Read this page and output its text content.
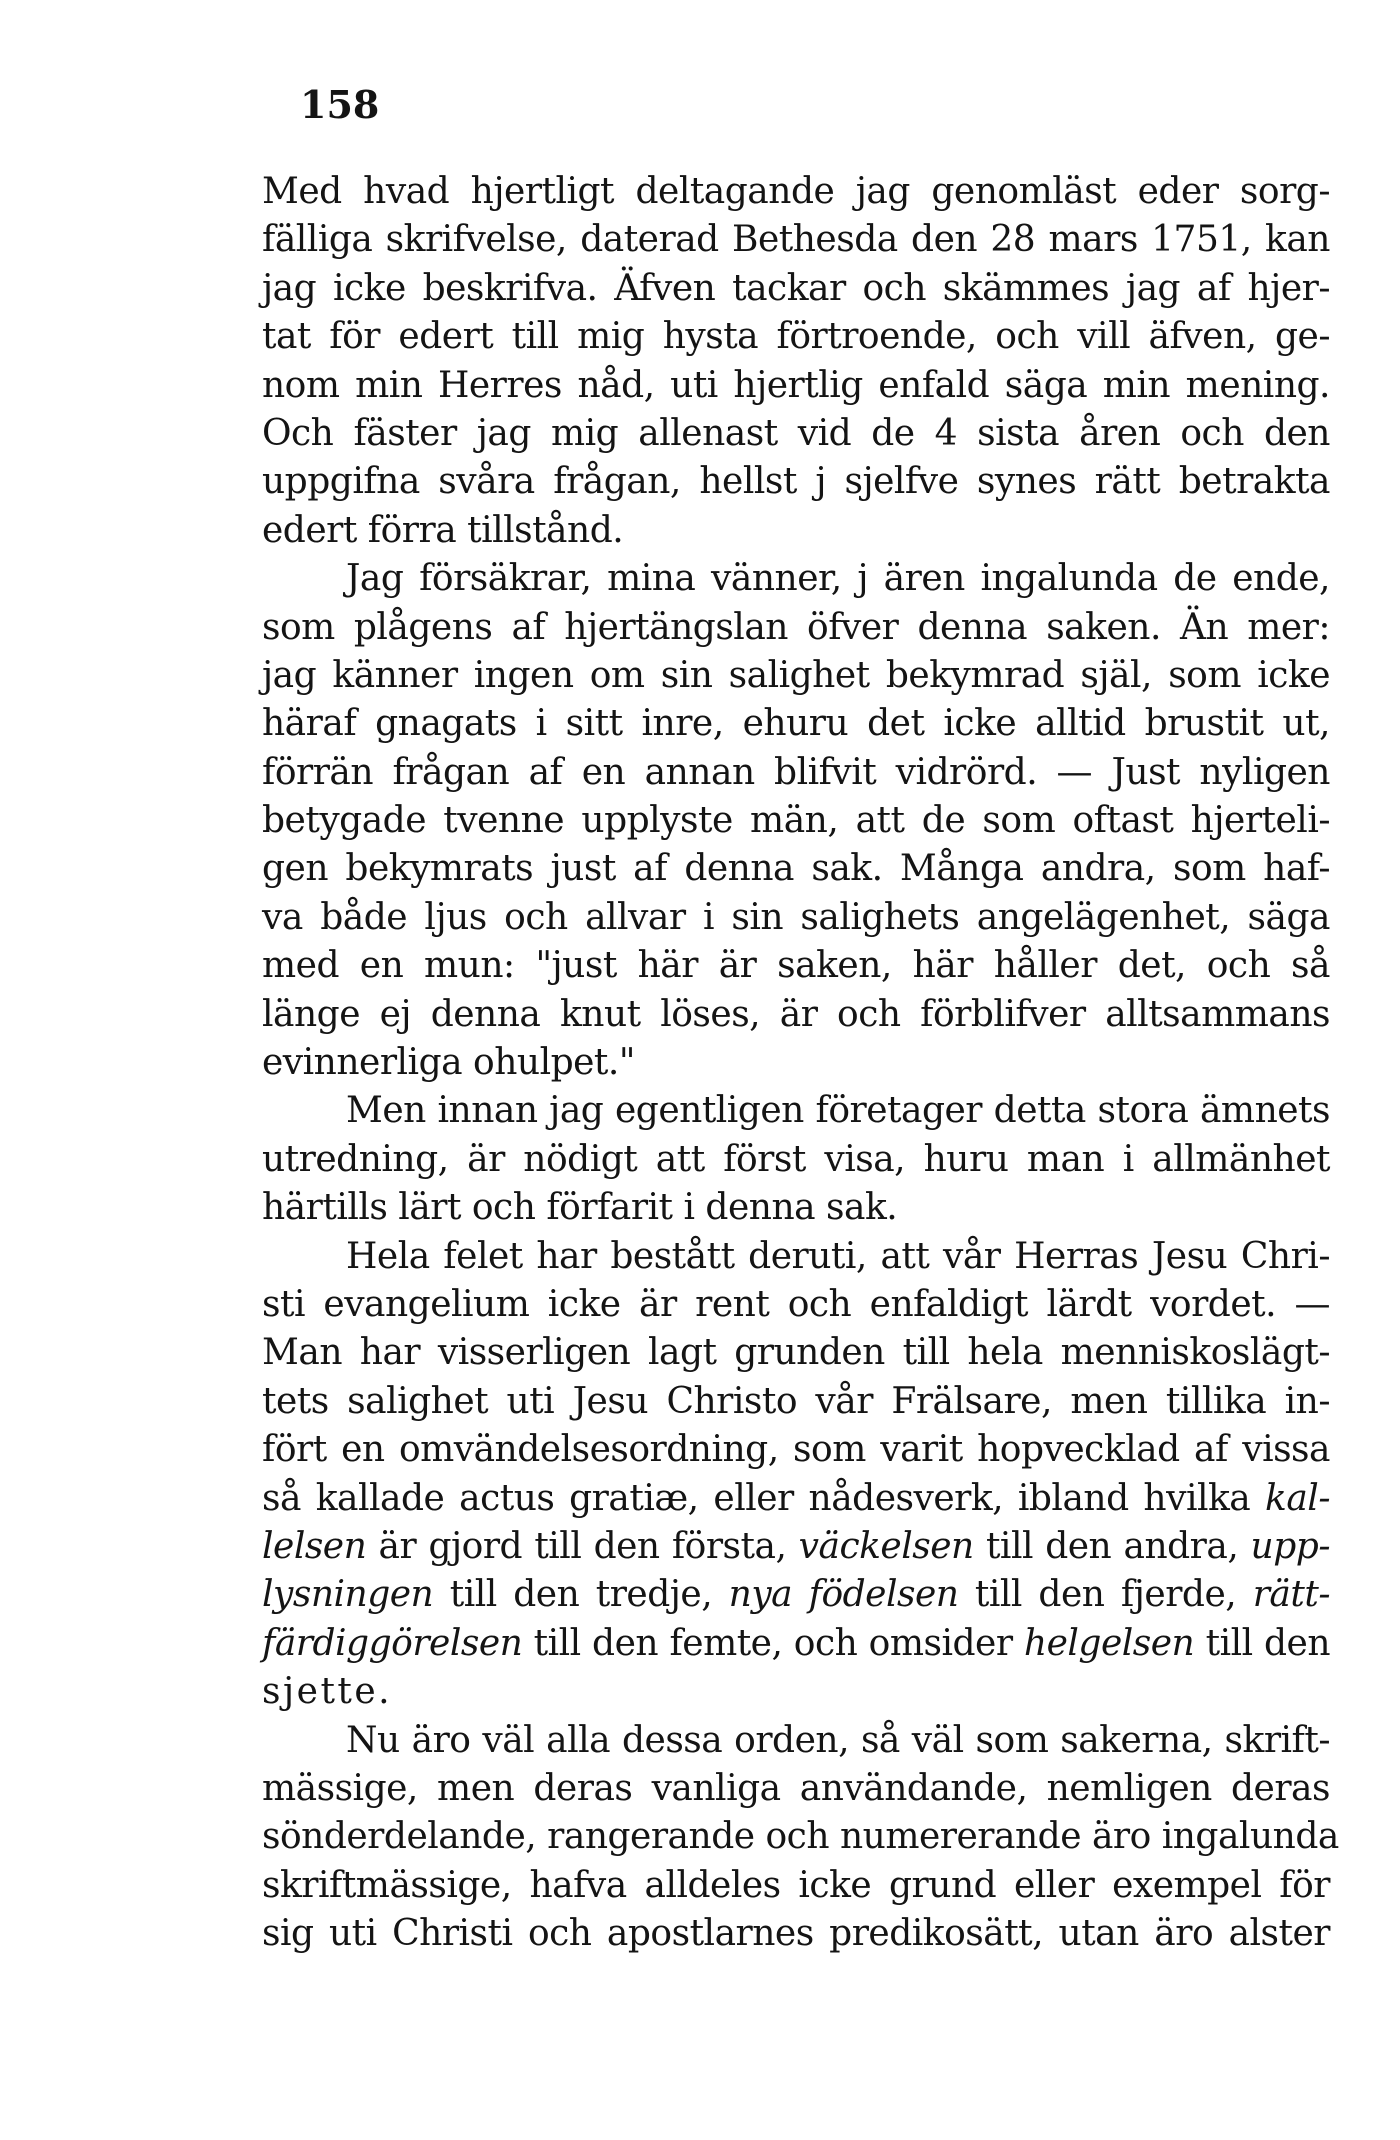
158
Med hvad hjertligt deltagande jag genomläst eder sorg-
fälliga skrifvelse, daterad Bethesda den 28 mars 1751, kan
jag icke beskrifva. Äfven tackar och skämmes jag af hjer-
tat för edert till mig hysta förtroende, och vill äfven, ge-
nom min Herres nåd, uti hjertlig enfald säga min mening.
Och fäster jag mig allenast vid de 4 sista åren och den
uppgifna svåra frågan, hellst j sjelfve synes rätt betrakta
edert förra tillstånd.
Jag försäkrar, mina vänner, j ären ingalunda de ende,
som plågens af hjertängslan öfver denna saken. Än mer:
jag känner ingen om sin salighet bekymrad själ, som icke
häraf gnagats i sitt inre, ehuru det icke alltid brustit ut,
förrän frågan af en annan blifvit vidrörd. — Just nyligen
betygade tvenne upplyste män, att de som oftast hjerteli-
gen bekymrats just af denna sak. Många andra, som haf-
va både ljus och allvar i sin salighets angelägenhet, säga
med en mun: "just här är saken, här håller det, och så
länge ej denna knut löses, är och förblifver alltsammans
evinnerliga ohulpet."
Men innan jag egentligen företager detta stora ämnets
utredning, är nödigt att först visa, huru man i allmänhet
härtills lärt och förfarit i denna sak.
Hela felet har bestått deruti, att vår Herras Jesu Chri-
sti evangelium icke är rent och enfaldigt lärdt vordet. —
Man har visserligen lagt grunden till hela menniskoslägt-
tets salighet uti Jesu Christo vår Frälsare, men tillika in-
fört en omvändelsesordning, som varit hopvecklad af vissa
så kallade actus gratiæ, eller nådesverk, ibland hvilka kal-
lelsen är gjord till den första, väckelsen till den andra, upp-
lysningen till den tredje, nya födelsen till den fjerde, rätt-
färdiggörelsen till den femte, och omsider helgelsen till den
sjette.
Nu äro väl alla dessa orden, så väl som sakerna, skrift-
mässige, men deras vanliga användande, nemligen deras
sönderdelande, rangerande och numererande äro ingalunda
skriftmässige, hafva alldeles icke grund eller exempel för
sig uti Christi och apostlarnes predikosätt, utan äro alster
